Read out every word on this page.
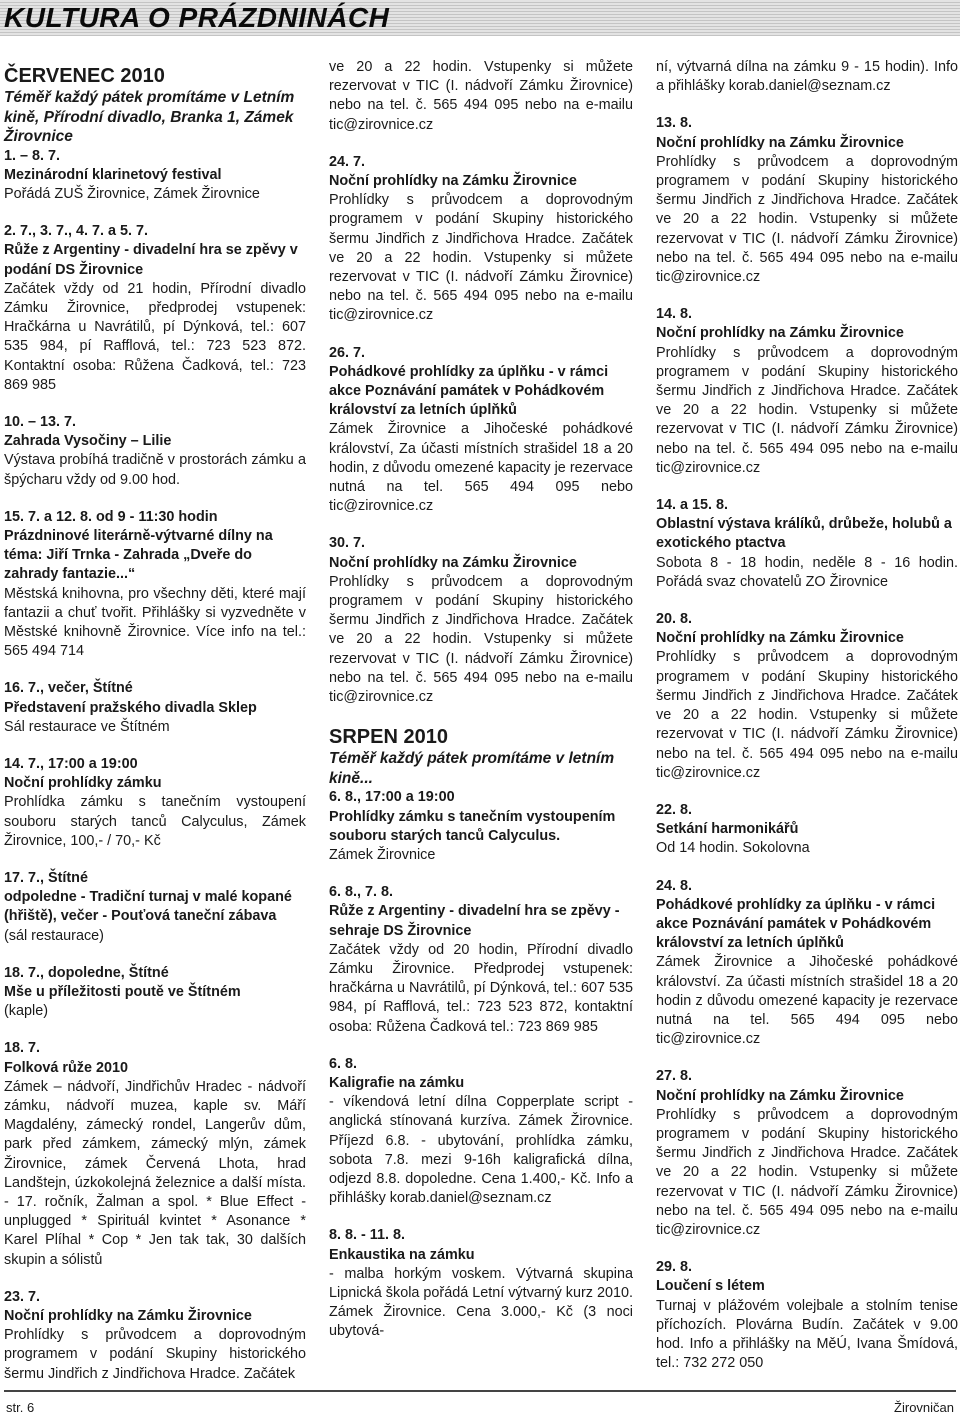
KULTURA O PRÁZDNINÁCH

ČERVENEC 2010

Téměř každý pátek promítáme v Letním kině, Přírodní divadlo, Branka 1, Zámek Žirovnice

1. – 8. 7.

Mezinárodní klarinetový festival

Pořádá ZUŠ Žirovnice, Zámek Žirovnice

2. 7., 3. 7., 4. 7. a 5. 7.

Růže z Argentiny - divadelní hra se zpěvy v podání DS Žirovnice

Začátek vždy od 21 hodin, Přírodní divadlo Zámku Žirovnice, předprodej vstupenek: Hračkárna u Navrátilů, pí Dýnková, tel.: 607 535 984, pí Rafflová, tel.: 723 523 872. Kontaktní osoba: Růžena Čadková, tel.: 723 869 985

10. – 13. 7.

Zahrada Vysočiny – Lilie

Výstava probíhá tradičně v prostorách zámku a špýcharu vždy od 9.00 hod.

15. 7. a 12. 8. od 9 - 11:30 hodin

Prázdninové literárně-výtvarné dílny na téma: Jiří Trnka - Zahrada „Dveře do zahrady fantazie...“

Městská knihovna, pro všechny děti, které mají fantazii a chuť tvořit. Přihlášky si vyzvedněte v Městské knihovně Žirovnice. Více info na tel.: 565 494 714

16. 7., večer, Štítné

Představení pražského divadla Sklep

Sál restaurace ve Štítném

14. 7., 17:00 a 19:00

Noční prohlídky zámku

Prohlídka zámku s tanečním vystoupení souboru starých tanců Calyculus, Zámek Žirovnice, 100,- / 70,- Kč

17. 7., Štítné

odpoledne - Tradiční turnaj v malé kopané (hřiště), večer - Pouťová taneční zábava

(sál restaurace)

18. 7., dopoledne, Štítné

Mše u příležitosti poutě ve Štítném

(kaple)

18. 7.

Folková růže 2010

Zámek – nádvoří, Jindřichův Hradec - nádvoří zámku, nádvoří muzea, kaple sv. Máří Magdalény, zámecký rondel, Langerův dům, park před zámkem, zámecký mlýn, zámek Žirovnice, zámek Červená Lhota, hrad Landštejn, úzkokolejná železnice a další místa. - 17. ročník, Žalman a spol. * Blue Effect - unplugged * Spirituál kvintet * Asonance * Karel Plíhal * Cop * Jen tak tak, 30 dalších skupin a sólistů

23. 7.

Noční prohlídky na Zámku Žirovnice

Prohlídky s průvodcem a doprovodným programem v podání Skupiny historického šermu Jindřich z Jindřichova Hradce. Začátek

ve 20 a 22 hodin. Vstupenky si můžete rezervovat v TIC (I. nádvoří Zámku Žirovnice) nebo na tel. č. 565 494 095 nebo na e-mailu tic@zirovnice.cz

24. 7.

Noční prohlídky na Zámku Žirovnice

Prohlídky s průvodcem a doprovodným programem v podání Skupiny historického šermu Jindřich z Jindřichova Hradce. Začátek ve 20 a 22 hodin. Vstupenky si můžete rezervovat v TIC (I. nádvoří Zámku Žirovnice) nebo na tel. č. 565 494 095 nebo na e-mailu tic@zirovnice.cz

26. 7.

Pohádkové prohlídky za úplňku - v rámci akce Poznávání památek v Pohádkovém království za letních úplňků

Zámek Žirovnice a Jihočeské pohádkové království, Za účasti místních strašidel 18 a 20 hodin, z důvodu omezené kapacity je rezervace nutná na tel. 565 494 095 nebo tic@zirovnice.cz

30. 7.

Noční prohlídky na Zámku Žirovnice

Prohlídky s průvodcem a doprovodným programem v podání Skupiny historického šermu Jindřich z Jindřichova Hradce. Začátek ve 20 a 22 hodin. Vstupenky si můžete rezervovat v TIC (I. nádvoří Zámku Žirovnice) nebo na tel. č. 565 494 095 nebo na e-mailu tic@zirovnice.cz

SRPEN 2010

Téměř každý pátek promítáme v letním kině...

6. 8., 17:00 a 19:00

Prohlídky zámku s tanečním vystoupením souboru starých tanců Calyculus.

Zámek Žirovnice

6. 8., 7. 8.

Růže z Argentiny - divadelní hra se zpěvy - sehraje DS Žirovnice

Začátek vždy od 20 hodin, Přírodní divadlo Zámku Žirovnice. Předprodej vstupenek: hračkárna u Navrátilů, pí Dýnková, tel.: 607 535 984, pí Rafflová, tel.: 723 523 872, kontaktní osoba: Růžena Čadková tel.: 723 869 985

6. 8.

Kaligrafie na zámku

- víkendová letní dílna Copperplate script - anglická stínovaná kurzíva. Zámek Žirovnice. Příjezd 6.8. - ubytování, prohlídka zámku, sobota 7.8. mezi 9-16h kaligrafická dílna, odjezd 8.8. dopoledne. Cena 1.400,- Kč. Info a přihlášky korab.daniel@seznam.cz

8. 8. - 11. 8.

Enkaustika na zámku

- malba horkým voskem. Výtvarná skupina Lipnická škola pořádá Letní výtvarný kurz 2010. Zámek Žirovnice. Cena 3.000,- Kč (3 noci ubytová-

ní, výtvarná dílna na zámku 9 - 15 hodin). Info a přihlášky korab.daniel@seznam.cz

13. 8.

Noční prohlídky na Zámku Žirovnice

Prohlídky s průvodcem a doprovodným programem v podání Skupiny historického šermu Jindřich z Jindřichova Hradce. Začátek ve 20 a 22 hodin. Vstupenky si můžete rezervovat v TIC (I. nádvoří Zámku Žirovnice) nebo na tel. č. 565 494 095 nebo na e-mailu tic@zirovnice.cz

14. 8.

Noční prohlídky na Zámku Žirovnice

Prohlídky s průvodcem a doprovodným programem v podání Skupiny historického šermu Jindřich z Jindřichova Hradce. Začátek ve 20 a 22 hodin. Vstupenky si můžete rezervovat v TIC (I. nádvoří Zámku Žirovnice) nebo na tel. č. 565 494 095 nebo na e-mailu tic@zirovnice.cz

14. a 15. 8.

Oblastní výstava králíků, drůbeže, holubů a exotického ptactva

Sobota 8 - 18 hodin, neděle 8 - 16 hodin. Pořádá svaz chovatelů ZO Žirovnice

20. 8.

Noční prohlídky na Zámku Žirovnice

Prohlídky s průvodcem a doprovodným programem v podání Skupiny historického šermu Jindřich z Jindřichova Hradce. Začátek ve 20 a 22 hodin. Vstupenky si můžete rezervovat v TIC (I. nádvoří Zámku Žirovnice) nebo na tel. č. 565 494 095 nebo na e-mailu tic@zirovnice.cz

22. 8.

Setkání harmonikářů

Od 14 hodin. Sokolovna

24. 8.

Pohádkové prohlídky za úplňku - v rámci akce Poznávání památek v Pohádkovém království za letních úplňků

Zámek Žirovnice a Jihočeské pohádkové království. Za účasti místních strašidel 18 a 20 hodin z důvodu omezené kapacity je rezervace nutná na tel. 565 494 095 nebo tic@zirovnice.cz

27. 8.

Noční prohlídky na Zámku Žirovnice

Prohlídky s průvodcem a doprovodným programem v podání Skupiny historického šermu Jindřich z Jindřichova Hradce. Začátek ve 20 a 22 hodin. Vstupenky si můžete rezervovat v TIC (I. nádvoří Zámku Žirovnice) nebo na tel. č. 565 494 095 nebo na e-mailu tic@zirovnice.cz

29. 8.

Loučení s létem

Turnaj v plážovém volejbale a stolním tenise příchozích. Plovárna Budín. Začátek v 9.00 hod. Info a přihlášky na MěÚ, Ivana Šmídová, tel.: 732 272 050

str. 6	Žirovničan
